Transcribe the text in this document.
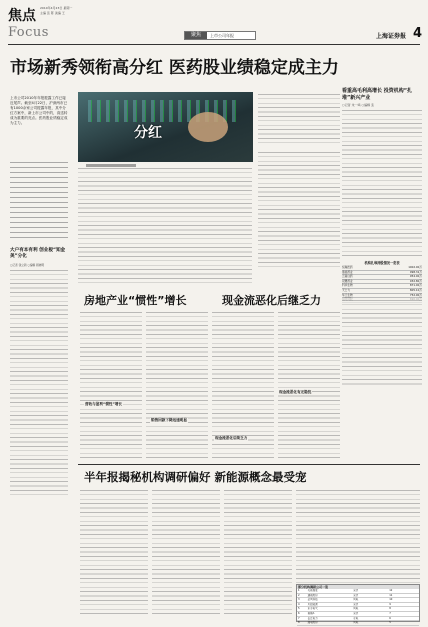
焦点 2010年4月23日 星期一
主编 张 陈 美编 王
Focus	聚焦	上市公司年报	上海证券报 4
市场新秀领衔高分红 医药股业绩稳定成主力
上市公司2010年年报披露工作已接近尾声。截至4月22日，沪深两市已有1000余家公司披露年报，其中分红方案中，新上市公司中的，高送转成为重要的亮点。医药股业绩稳定成为主力。
分红
看重高毛利高增长 投资机构“扎堆”新兴产业
○记者 朱一鸣 ○编辑 张
机构扎堆持股情况一览表
恒瑞医药	1002.00万
康美药业	998.31万
云南白药	954.00万
双鹭药业	932.80万
科华生物	871.00万
天士力	805.10万
华兰生物	752.90万
大户有本有利 创业板“知金美”分化
○记者 钱立新 ○编辑 顾晓明
房地产业“惯性”增长	现金流恶化后继乏力
营收与盈利“惯性”增长
销售回款下降迅速明显
现金流恶化后续乏力
现金流恶化有无隐忧
半年报揭秘机构调研偏好 新能源概念最受宠
部分机构调研公司一览
1	天威保变	光伏	12
2	通威股份	光伏	11
3	金风科技	风电	10
4	川投能源	光伏	9
5	东方电气	风电	8
6	南玻A	光伏	7
7	长江电力	水电	6
8	湘电股份	风电	5
